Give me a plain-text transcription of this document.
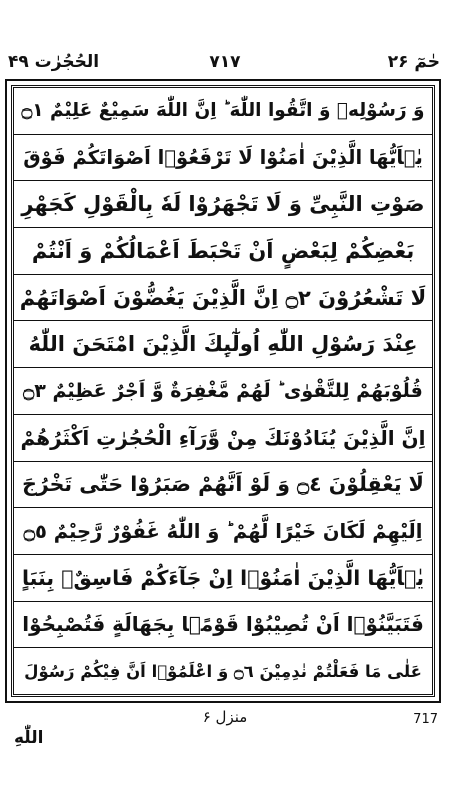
الحُجُرٰت ۴۹	۷۱۷	حٰمٓ ۲۶
وَ رَسُوْلِهٖ وَ اتَّقُوا اللّٰهَ ؕ اِنَّ اللّٰهَ سَمِیْعٌ عَلِیْمٌ ۝١
یٰۤاَیُّهَا الَّذِیْنَ اٰمَنُوْا لَا تَرْفَعُوْۤا اَصْوَاتَكُمْ فَوْقَ
صَوْتِ النَّبِیِّ وَ لَا تَجْهَرُوْا لَهٗ بِالْقَوْلِ كَجَهْرِ
بَعْضِكُمْ لِبَعْضٍ اَنْ تَحْبَطَ اَعْمَالُكُمْ وَ اَنْتُمْ
لَا تَشْعُرُوْنَ ۝٢ اِنَّ الَّذِیْنَ یَغُضُّوْنَ اَصْوَاتَهُمْ
عِنْدَ رَسُوْلِ اللّٰهِ اُولٰٓىِٕكَ الَّذِیْنَ امْتَحَنَ اللّٰهُ
قُلُوْبَهُمْ لِلتَّقْوٰى ؕ لَهُمْ مَّغْفِرَةٌ وَّ اَجْرٌ عَظِیْمٌ ۝٣
اِنَّ الَّذِیْنَ یُنَادُوْنَكَ مِنْ وَّرَآءِ الْحُجُرٰتِ اَكْثَرُهُمْ
لَا یَعْقِلُوْنَ ۝٤ وَ لَوْ اَنَّهُمْ صَبَرُوْا حَتّٰى تَخْرُجَ
اِلَیْهِمْ لَكَانَ خَیْرًا لَّهُمْ ؕ وَ اللّٰهُ غَفُوْرٌ رَّحِیْمٌ ۝٥
یٰۤاَیُّهَا الَّذِیْنَ اٰمَنُوْۤا اِنْ جَآءَكُمْ فَاسِقٌۢ بِنَبَاٍ
فَتَبَیَّنُوْۤا اَنْ تُصِیْبُوْا قَوْمًۢا بِجَهَالَةٍ فَتُصْبِحُوْا
عَلٰى مَا فَعَلْتُمْ نٰدِمِیْنَ ۝٦ وَ اعْلَمُوْۤا اَنَّ فِیْكُمْ رَسُوْلَ
منزل ۶	717
اللّٰهِ
